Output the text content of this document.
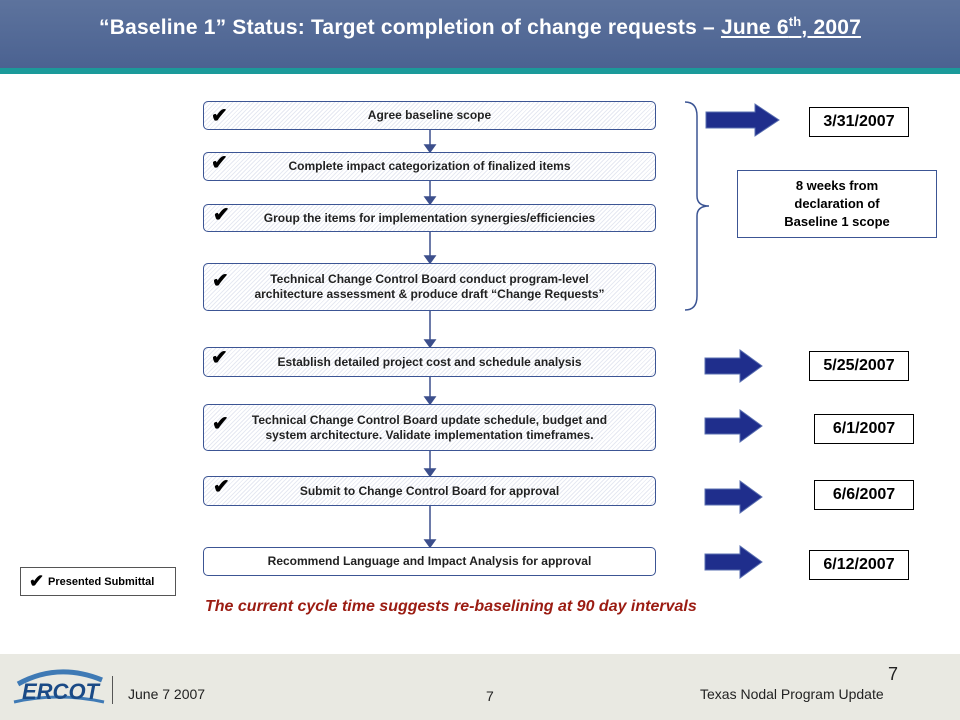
“Baseline 1” Status: Target completion of change requests – June 6th, 2007
Agree baseline scope
✔
Complete impact categorization of finalized items
✔
Group the items for implementation synergies/efficiencies
✔
Technical Change Control Board conduct program-level
architecture assessment & produce draft “Change Requests”
✔
Establish detailed project cost and schedule analysis
✔
Technical Change Control Board update schedule, budget and
system architecture. Validate implementation timeframes.
✔
Submit to Change Control Board for approval
✔
Recommend Language and Impact Analysis for approval
8 weeks from
declaration of
Baseline 1 scope
3/31/2007
5/25/2007
6/1/2007
6/6/2007
6/12/2007
✔ Presented Submittal
The current cycle time suggests re-baselining at 90 day intervals
ERCOT June 7 2007	7
7
Texas Nodal Program Update
